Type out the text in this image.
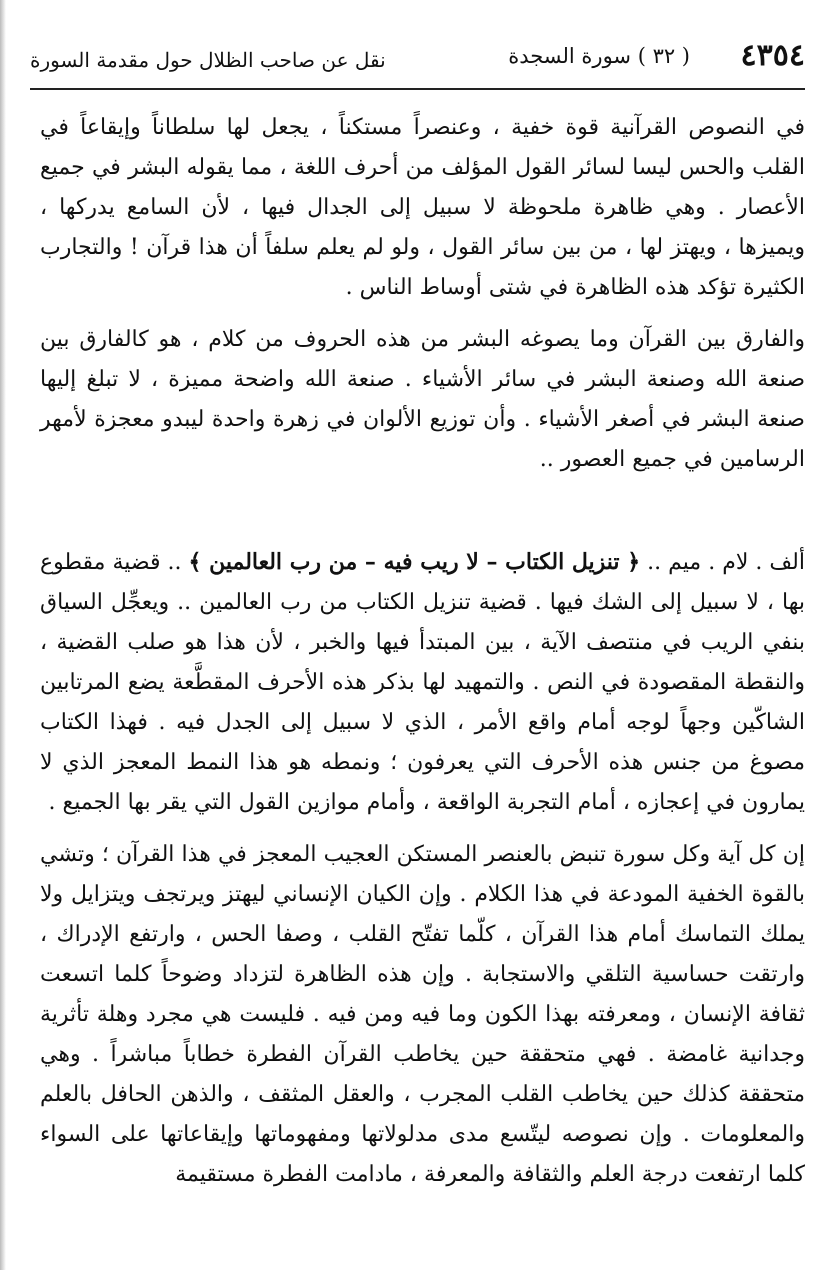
٤٣٥٤
( ٣٢ ) سورة السجدة
نقل عن صاحب الظلال حول مقدمة السورة

في النصوص القرآنية قوة خفية ، وعنصراً مستكناً ، يجعل لها سلطاناً وإيقاعاً في القلب والحس ليسا لسائر القول المؤلف من أحرف اللغة ، مما يقوله البشر في جميع الأعصار . وهي ظاهرة ملحوظة لا سبيل إلى الجدال فيها ، لأن السامع يدركها ، ويميزها ، ويهتز لها ، من بين سائر القول ، ولو لم يعلم سلفاً أن هذا قرآن ! والتجارب الكثيرة تؤكد هذه الظاهرة في شتى أوساط الناس .

والفارق بين القرآن وما يصوغه البشر من هذه الحروف من كلام ، هو كالفارق بين صنعة الله وصنعة البشر في سائر الأشياء . صنعة الله واضحة مميزة ، لا تبلغ إليها صنعة البشر في أصغر الأشياء . وأن توزيع الألوان في زهرة واحدة ليبدو معجزة لأمهر الرسامين في جميع العصور ..

ألف . لام . ميم .. ﴿ تنزيل الكتاب – لا ريب فيه – من رب العالمين ﴾ .. قضية مقطوع بها ، لا سبيل إلى الشك فيها . قضية تنزيل الكتاب من رب العالمين .. ويعجِّل السياق بنفي الريب في منتصف الآية ، بين المبتدأ فيها والخبر ، لأن هذا هو صلب القضية ، والنقطة المقصودة في النص . والتمهيد لها بذكر هذه الأحرف المقطَّعة يضع المرتابين الشاكّين وجهاً لوجه أمام واقع الأمر ، الذي لا سبيل إلى الجدل فيه . فهذا الكتاب مصوغ من جنس هذه الأحرف التي يعرفون ؛ ونمطه هو هذا النمط المعجز الذي لا يمارون في إعجازه ، أمام التجربة الواقعة ، وأمام موازين القول التي يقر بها الجميع .

إن كل آية وكل سورة تنبض بالعنصر المستكن العجيب المعجز في هذا القرآن ؛ وتشي بالقوة الخفية المودعة في هذا الكلام . وإن الكيان الإنساني ليهتز ويرتجف ويتزايل ولا يملك التماسك أمام هذا القرآن ، كلّما تفتّح القلب ، وصفا الحس ، وارتفع الإدراك ، وارتقت حساسية التلقي والاستجابة . وإن هذه الظاهرة لتزداد وضوحاً كلما اتسعت ثقافة الإنسان ، ومعرفته بهذا الكون وما فيه ومن فيه . فليست هي مجرد وهلة تأثرية وجدانية غامضة . فهي متحققة حين يخاطب القرآن الفطرة خطاباً مباشراً . وهي متحققة كذلك حين يخاطب القلب المجرب ، والعقل المثقف ، والذهن الحافل بالعلم والمعلومات . وإن نصوصه ليتّسع مدى مدلولاتها ومفهوماتها وإيقاعاتها على السواء كلما ارتفعت درجة العلم والثقافة والمعرفة ، مادامت الفطرة مستقيمة
